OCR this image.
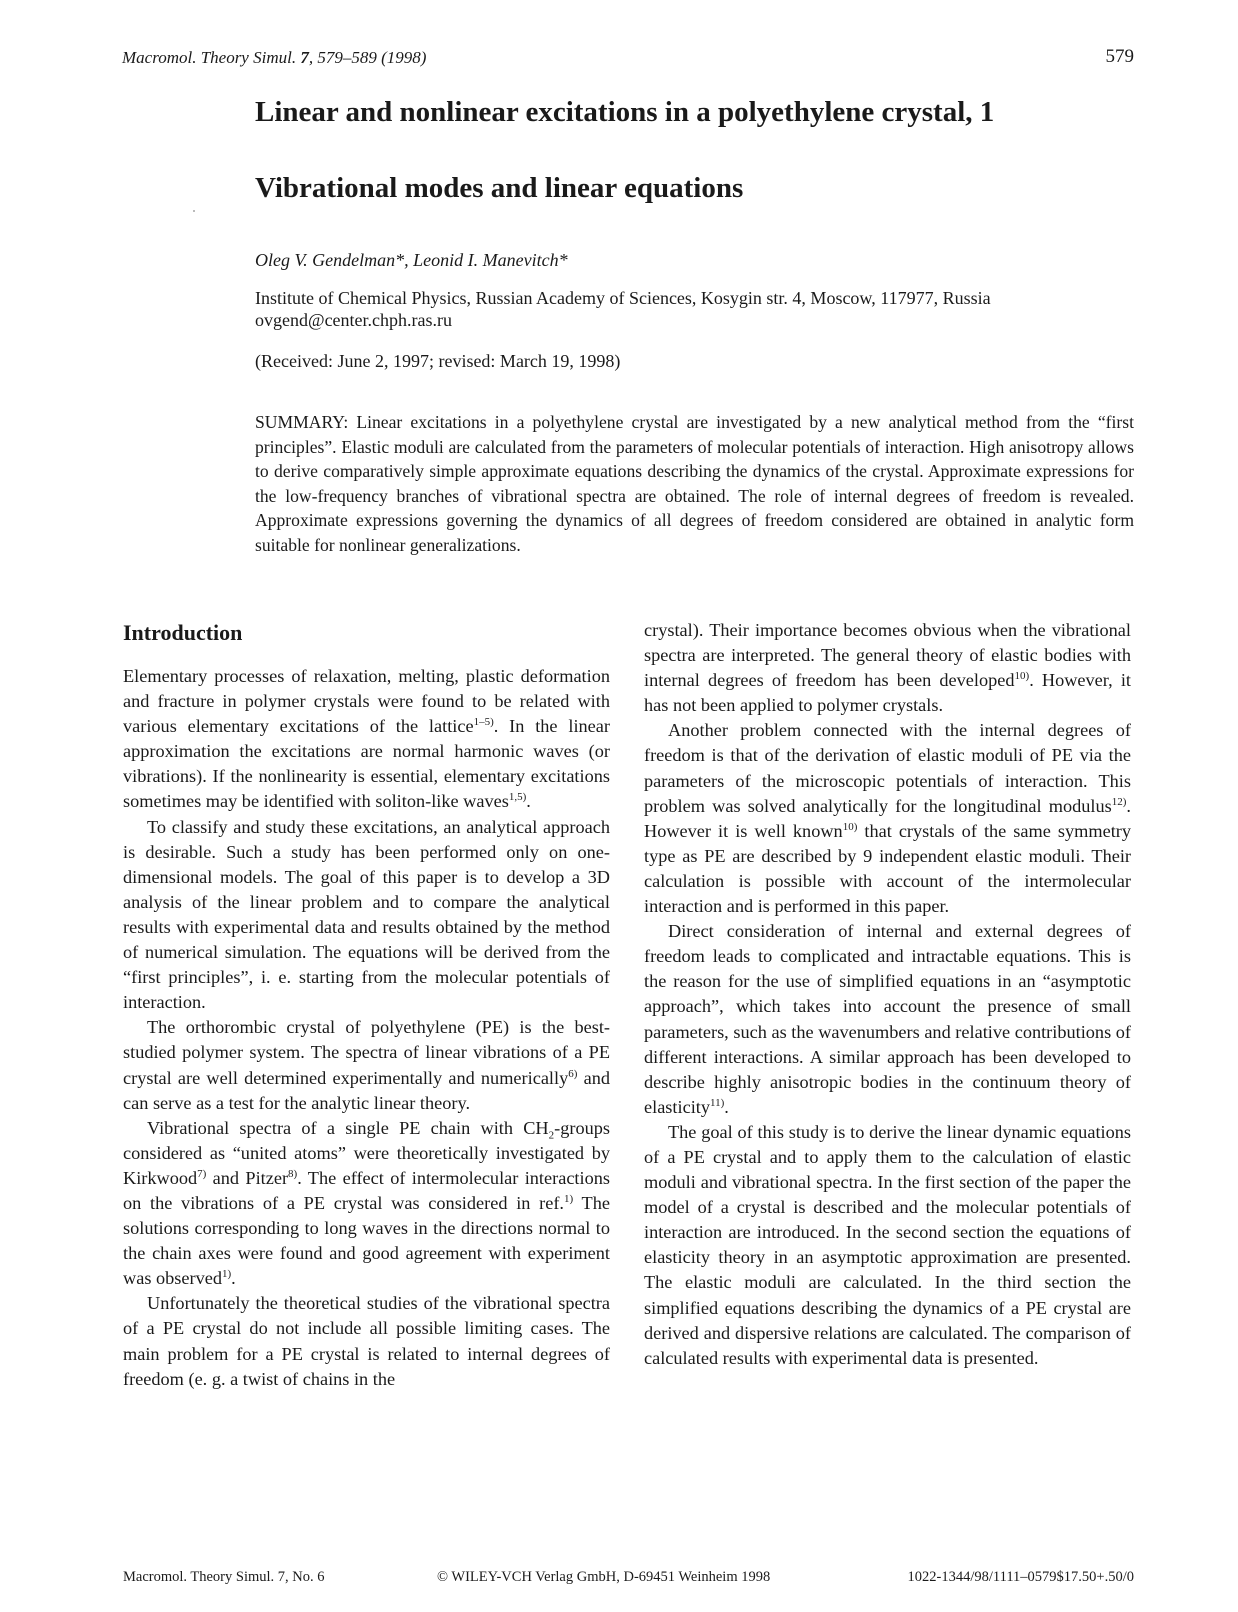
Macromol. Theory Simul. 7, 579–589 (1998)	579
Linear and nonlinear excitations in a polyethylene crystal, 1
Vibrational modes and linear equations
Oleg V. Gendelman*, Leonid I. Manevitch*
Institute of Chemical Physics, Russian Academy of Sciences, Kosygin str. 4, Moscow, 117977, Russia
ovgend@center.chph.ras.ru
(Received: June 2, 1997; revised: March 19, 1998)
SUMMARY: Linear excitations in a polyethylene crystal are investigated by a new analytical method from the “first principles”. Elastic moduli are calculated from the parameters of molecular potentials of interaction. High anisotropy allows to derive comparatively simple approximate equations describing the dynamics of the crystal. Approximate expressions for the low-frequency branches of vibrational spectra are obtained. The role of internal degrees of freedom is revealed. Approximate expressions governing the dynamics of all degrees of freedom considered are obtained in analytic form suitable for nonlinear generalizations.

Introduction

Elementary processes of relaxation, melting, plastic deformation and fracture in polymer crystals were found to be related with various elementary excitations of the lattice$^{1-5)}$. In the linear approximation the excitations are normal harmonic waves (or vibrations). If the nonlinearity is essential, elementary excitations sometimes may be identified with soliton-like waves$^{1,5)}$.

To classify and study these excitations, an analytical approach is desirable. Such a study has been performed only on one-dimensional models. The goal of this paper is to develop a 3D analysis of the linear problem and to compare the analytical results with experimental data and results obtained by the method of numerical simulation. The equations will be derived from the “first principles”, i. e. starting from the molecular potentials of interaction.

The orthorombic crystal of polyethylene (PE) is the best-studied polymer system. The spectra of linear vibrations of a PE crystal are well determined experimentally and numerically$^{6)}$ and can serve as a test for the analytic linear theory.

Vibrational spectra of a single PE chain with $CH_2$-groups considered as “united atoms” were theoretically investigated by Kirkwood$^{7)}$ and Pitzer$^{8)}$. The effect of intermolecular interactions on the vibrations of a PE crystal was considered in ref.$^{1)}$ The solutions corresponding to long waves in the directions normal to the chain axes were found and good agreement with experiment was observed$^{1)}$.

Unfortunately the theoretical studies of the vibrational spectra of a PE crystal do not include all possible limiting cases. The main problem for a PE crystal is related to internal degrees of freedom (e. g. a twist of chains in the

crystal). Their importance becomes obvious when the vibrational spectra are interpreted. The general theory of elastic bodies with internal degrees of freedom has been developed$^{10)}$. However, it has not been applied to polymer crystals.

Another problem connected with the internal degrees of freedom is that of the derivation of elastic moduli of PE via the parameters of the microscopic potentials of interaction. This problem was solved analytically for the longitudinal modulus$^{12)}$. However it is well known$^{10)}$ that crystals of the same symmetry type as PE are described by 9 independent elastic moduli. Their calculation is possible with account of the intermolecular interaction and is performed in this paper.

Direct consideration of internal and external degrees of freedom leads to complicated and intractable equations. This is the reason for the use of simplified equations in an “asymptotic approach”, which takes into account the presence of small parameters, such as the wavenumbers and relative contributions of different interactions. A similar approach has been developed to describe highly anisotropic bodies in the continuum theory of elasticity$^{11)}$.

The goal of this study is to derive the linear dynamic equations of a PE crystal and to apply them to the calculation of elastic moduli and vibrational spectra. In the first section of the paper the model of a crystal is described and the molecular potentials of interaction are introduced. In the second section the equations of elasticity theory in an asymptotic approximation are presented. The elastic moduli are calculated. In the third section the simplified equations describing the dynamics of a PE crystal are derived and dispersive relations are calculated. The comparison of calculated results with experimental data is presented.

Macromol. Theory Simul. 7, No. 6	© WILEY-VCH Verlag GmbH, D-69451 Weinheim 1998	1022-1344/98/1111–0579$17.50+.50/0
